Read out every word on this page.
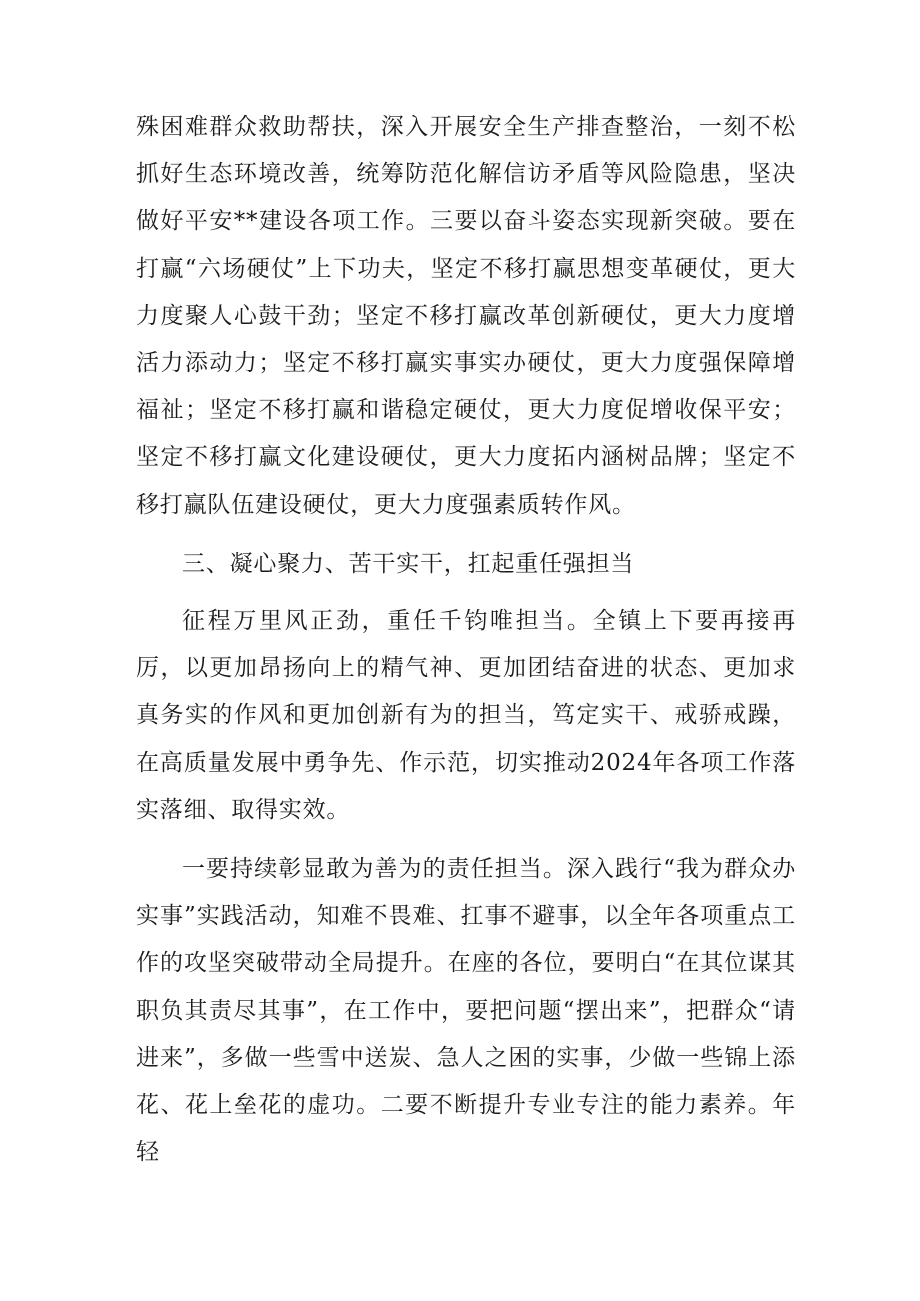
殊困难群众救助帮扶，深入开展安全生产排查整治，一刻不松抓好生态环境改善，统筹防范化解信访矛盾等风险隐患，坚决做好平安**建设各项工作。三要以奋斗姿态实现新突破。要在打赢“六场硬仗”上下功夫，坚定不移打赢思想变革硬仗，更大力度聚人心鼓干劲；坚定不移打赢改革创新硬仗，更大力度增活力添动力；坚定不移打赢实事实办硬仗，更大力度强保障增福祉；坚定不移打赢和谐稳定硬仗，更大力度促增收保平安；坚定不移打赢文化建设硬仗，更大力度拓内涵树品牌；坚定不移打赢队伍建设硬仗，更大力度强素质转作风。

三、凝心聚力、苦干实干，扛起重任强担当

征程万里风正劲，重任千钧唯担当。全镇上下要再接再厉，以更加昂扬向上的精气神、更加团结奋进的状态、更加求真务实的作风和更加创新有为的担当，笃定实干、戒骄戒躁，在高质量发展中勇争先、作示范，切实推动2024年各项工作落实落细、取得实效。

一要持续彰显敢为善为的责任担当。深入践行“我为群众办实事”实践活动，知难不畏难、扛事不避事，以全年各项重点工作的攻坚突破带动全局提升。在座的各位，要明白“在其位谋其职负其责尽其事”，在工作中，要把问题“摆出来”，把群众“请进来”，多做一些雪中送炭、急人之困的实事，少做一些锦上添花、花上垒花的虚功。二要不断提升专业专注的能力素养。年轻
